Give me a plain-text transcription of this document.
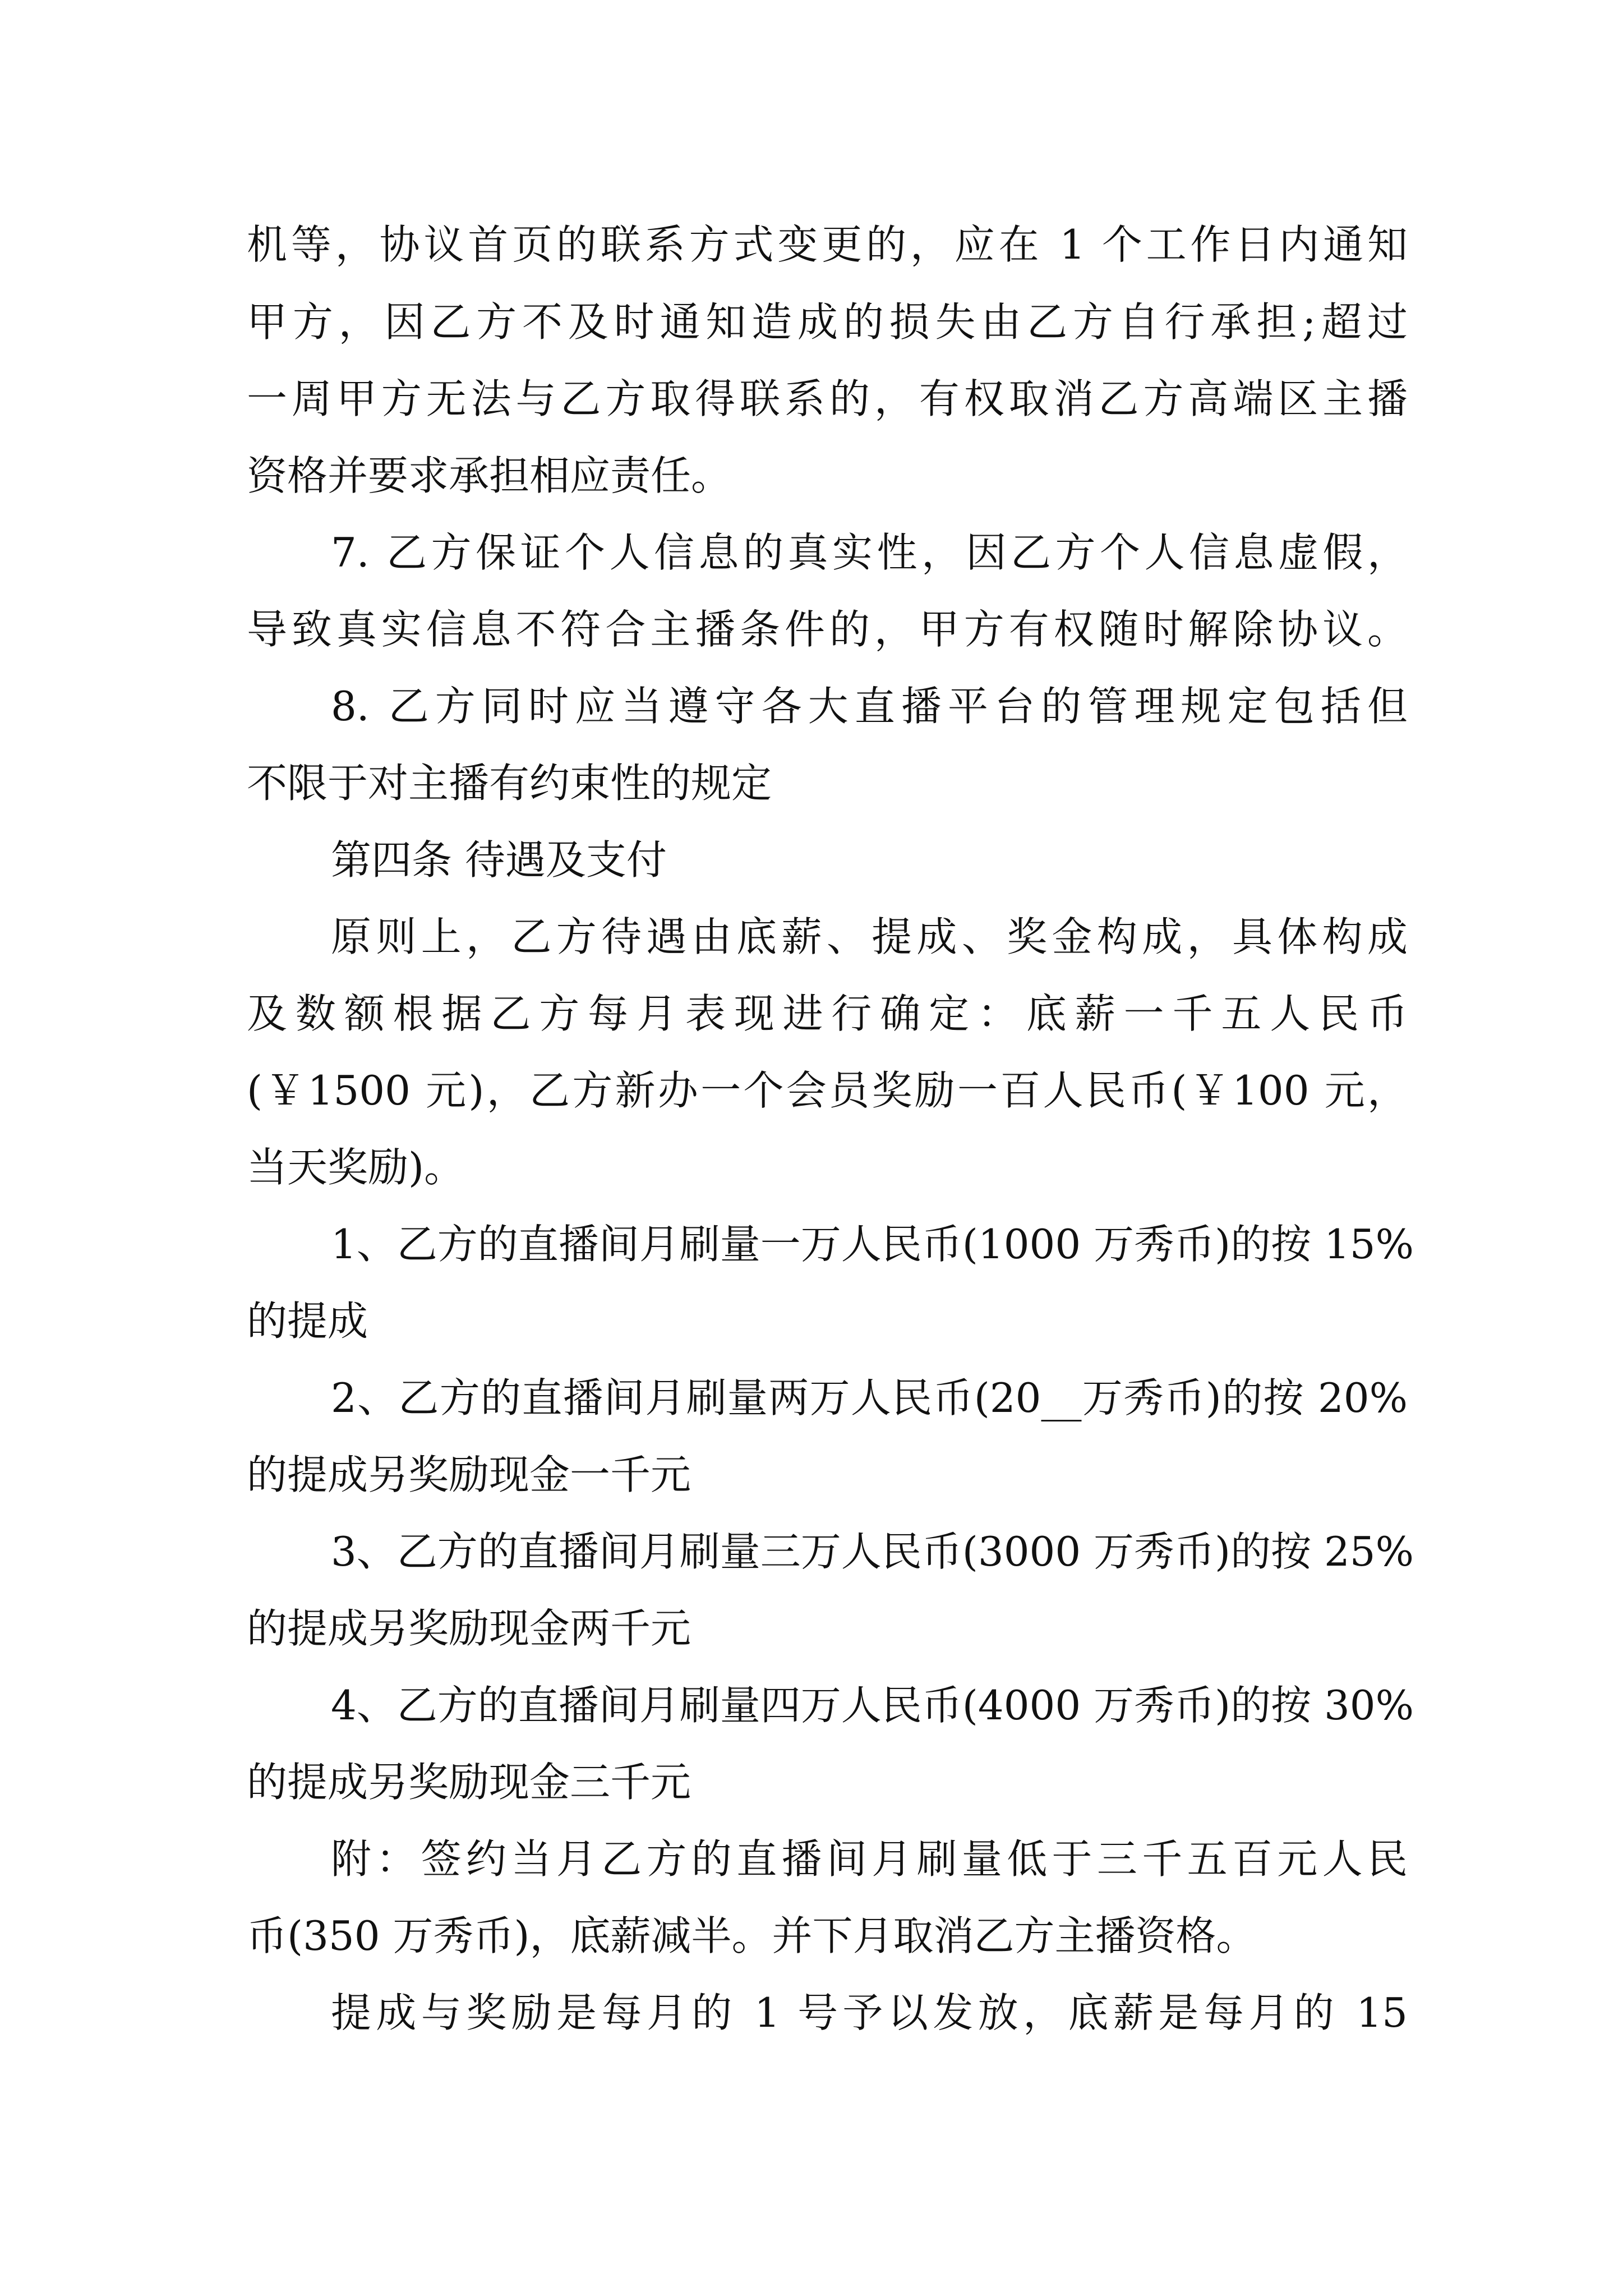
机等，协议首页的联系方式变更的，应在 1 个工作日内通知
甲方，因乙方不及时通知造成的损失由乙方自行承担;超过
一周甲方无法与乙方取得联系的，有权取消乙方高端区主播
资格并要求承担相应责任。
7. 乙方保证个人信息的真实性，因乙方个人信息虚假，
导致真实信息不符合主播条件的，甲方有权随时解除协议。
8. 乙方同时应当遵守各大直播平台的管理规定包括但
不限于对主播有约束性的规定
第四条 待遇及支付
原则上，乙方待遇由底薪、提成、奖金构成，具体构成
及数额根据乙方每月表现进行确定：底薪一千五人民币
(￥1500 元)，乙方新办一个会员奖励一百人民币(￥100 元，
当天奖励)。
1、乙方的直播间月刷量一万人民币(1000 万秀币)的按 15%
的提成
2、乙方的直播间月刷量两万人民币(20__万秀币)的按 20%
的提成另奖励现金一千元
3、乙方的直播间月刷量三万人民币(3000 万秀币)的按 25%
的提成另奖励现金两千元
4、乙方的直播间月刷量四万人民币(4000 万秀币)的按 30%
的提成另奖励现金三千元
附：签约当月乙方的直播间月刷量低于三千五百元人民
币(350 万秀币)，底薪减半。并下月取消乙方主播资格。
提成与奖励是每月的 1 号予以发放，底薪是每月的 15
